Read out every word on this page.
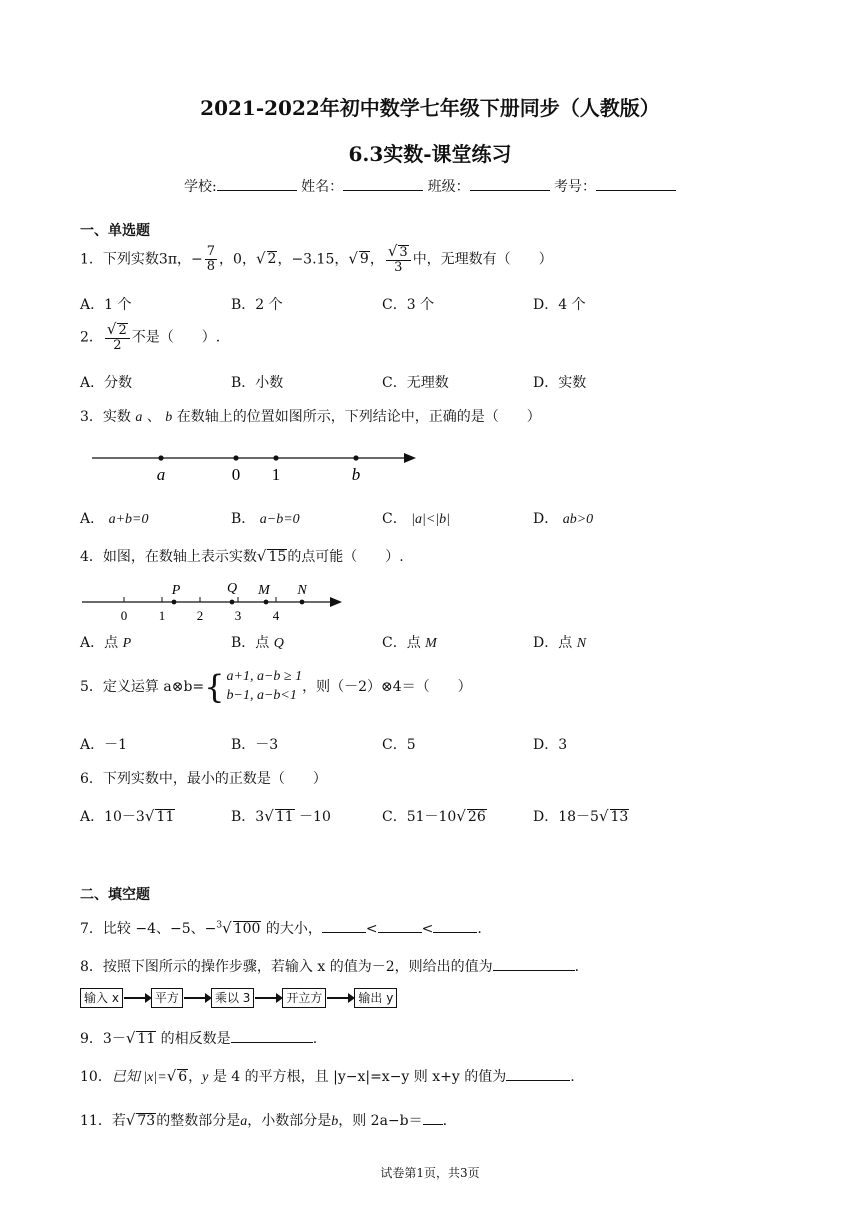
2021-2022年初中数学七年级下册同步（人教版）
6.3实数-课堂练习
学校:	姓名：	班级：	考号：
一、单选题
1．下列实数3π，− $\frac{7}{8}$ ，0，√ 2，−3.15，√ 9， $\frac{√ 3}{3}$ 中，无理数有（　　）
A．1 个	B．2 个	C．3 个	D．4 个
2． $\frac{√ 2}{2}$ 不是（　　）.
A．分数	B．小数	C．无理数	D．实数
3．实数 a 、 b 在数轴上的位置如图所示，下列结论中，正确的是（　　）
a	0 1	b
A． a+b=0	B． a−b=0	C． |a|<|b|	D． ab>0
4．如图，在数轴上表示实数√ 15的点可能（　　）.
0 1 2 3 4
P	Q M N
A．点 P	B．点 Q	C．点 M	D．点 N
5．定义运算 a⊗b={ a+1, a−b ≥ 1
b−1, a−b<1
，则（－2）⊗4＝（　　）
A．－1	B．－3	C．5	D．3
6．下列实数中，最小的正数是（　　）
A．10－3√ 11	B．3√ 11 －10	C．51－10√ 26	D．18－5√ 13
二、填空题
7．比较 −4、−5、−$^3$√ 100 的大小，	<	<	.
8．按照下图所示的操作步骤，若输入 x 的值为－2，则给出的值为	.
输入 x	平方	乘以 3	开立方	输出 y
9．3－√ 11 的相反数是	.
10．已知 |x|=√ 6，y 是 4 的平方根，且 |y−x|=x−y 则 x+y 的值为	.
11．若√ 73的整数部分是a，小数部分是b，则 2a−b＝ .
试卷第1页，共3页
